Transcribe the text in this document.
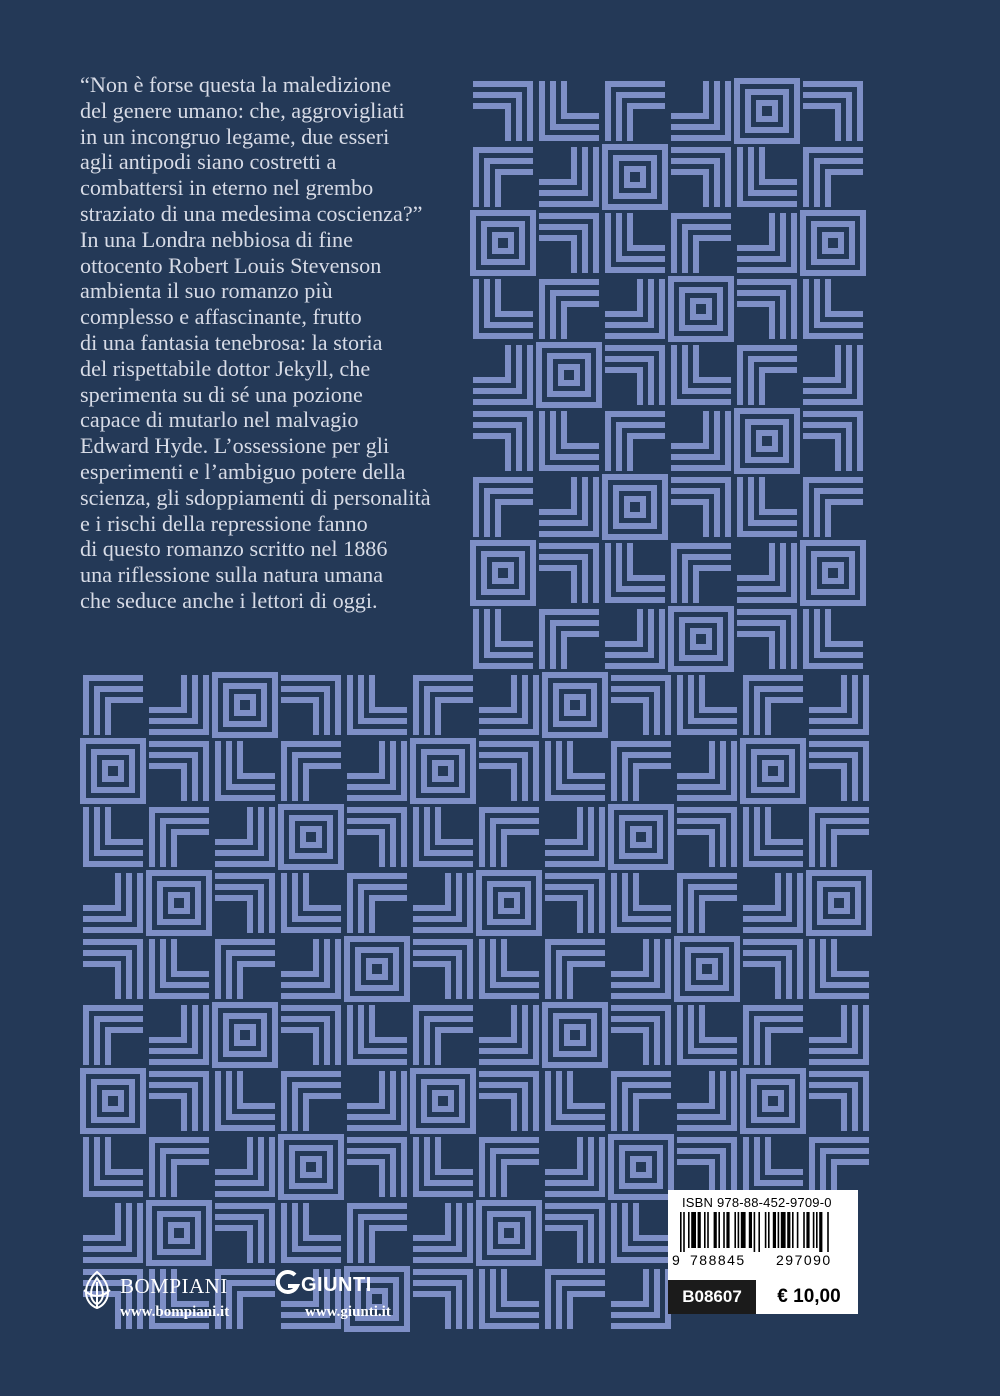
“Non è forse questa la maledizione
del genere umano: che, aggrovigliati
in un incongruo legame, due esseri
agli antipodi siano costretti a
combattersi in eterno nel grembo
straziato di una medesima coscienza?”
In una Londra nebbiosa di fine
ottocento Robert Louis Stevenson
ambienta il suo romanzo più
complesso e affascinante, frutto
di una fantasia tenebrosa: la storia
del rispettabile dottor Jekyll, che
sperimenta su di sé una pozione
capace di mutarlo nel malvagio
Edward Hyde. L’ossessione per gli
esperimenti e l’ambiguo potere della
scienza, gli sdoppiamenti di personalità
e i rischi della repressione fanno
di questo romanzo scritto nel 1886
una riflessione sulla natura umana
che seduce anche i lettori di oggi.

ISBN 978-88-452-9709-0
9 788845 297090
B08607	€ 10,00
BOMPIANI
www.bompiani.it
GIUNTI
www.giunti.it
